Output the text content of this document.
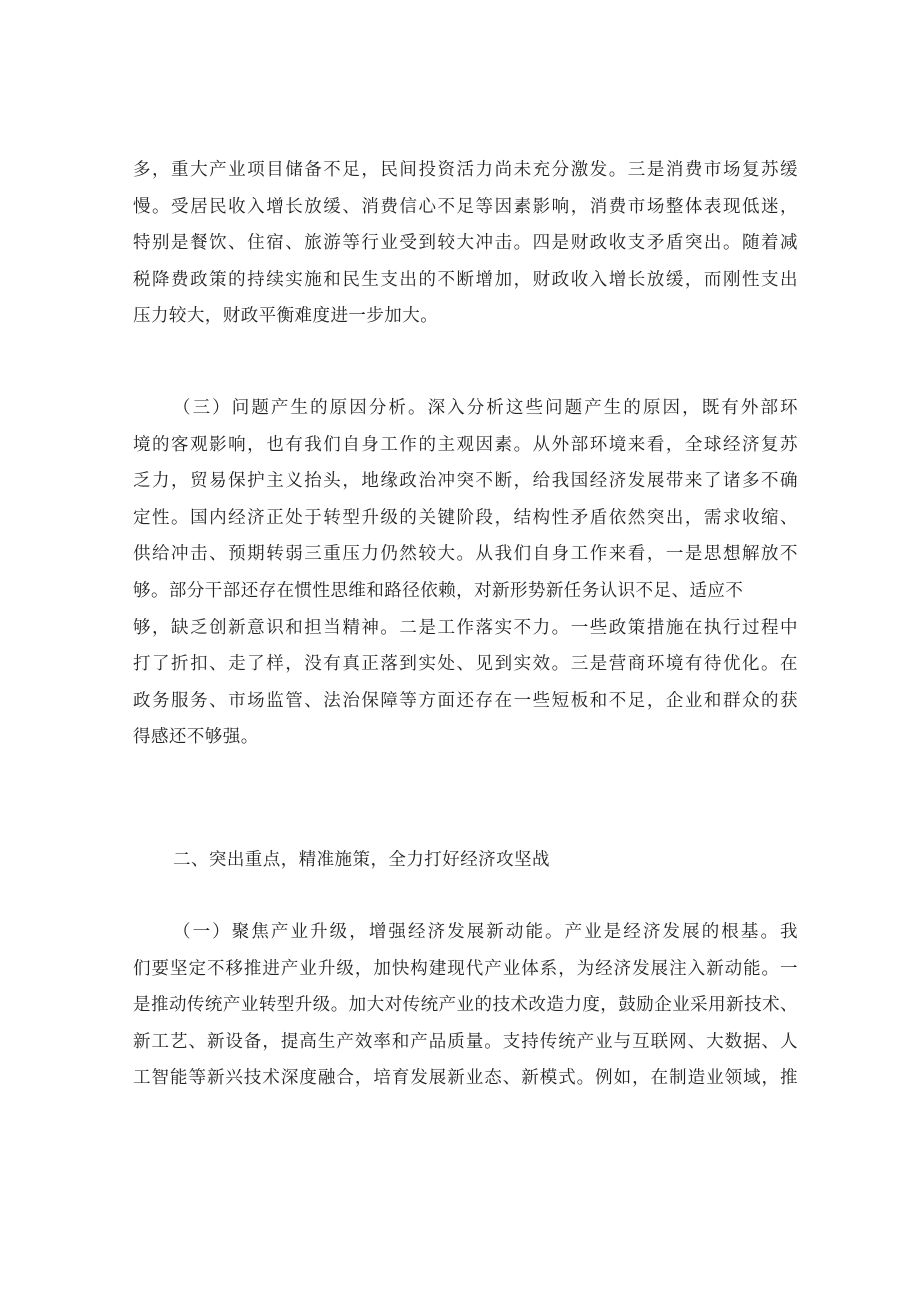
多，重大产业项目储备不足，民间投资活力尚未充分激发。三是消费市场复苏缓
慢。受居民收入增长放缓、消费信心不足等因素影响，消费市场整体表现低迷，
特别是餐饮、住宿、旅游等行业受到较大冲击。四是财政收支矛盾突出。随着减
税降费政策的持续实施和民生支出的不断增加，财政收入增长放缓，而刚性支出
压力较大，财政平衡难度进一步加大。
（三）问题产生的原因分析。深入分析这些问题产生的原因，既有外部环
境的客观影响，也有我们自身工作的主观因素。从外部环境来看，全球经济复苏
乏力，贸易保护主义抬头，地缘政治冲突不断，给我国经济发展带来了诸多不确
定性。国内经济正处于转型升级的关键阶段，结构性矛盾依然突出，需求收缩、
供给冲击、预期转弱三重压力仍然较大。从我们自身工作来看，一是思想解放不
够。部分干部还存在惯性思维和路径依赖，对新形势新任务认识不足、适应不
够，缺乏创新意识和担当精神。二是工作落实不力。一些政策措施在执行过程中
打了折扣、走了样，没有真正落到实处、见到实效。三是营商环境有待优化。在
政务服务、市场监管、法治保障等方面还存在一些短板和不足，企业和群众的获
得感还不够强。
二、突出重点，精准施策，全力打好经济攻坚战
（一）聚焦产业升级，增强经济发展新动能。产业是经济发展的根基。我
们要坚定不移推进产业升级，加快构建现代产业体系，为经济发展注入新动能。一
是推动传统产业转型升级。加大对传统产业的技术改造力度，鼓励企业采用新技术、
新工艺、新设备，提高生产效率和产品质量。支持传统产业与互联网、大数据、人
工智能等新兴技术深度融合，培育发展新业态、新模式。例如，在制造业领域，推
